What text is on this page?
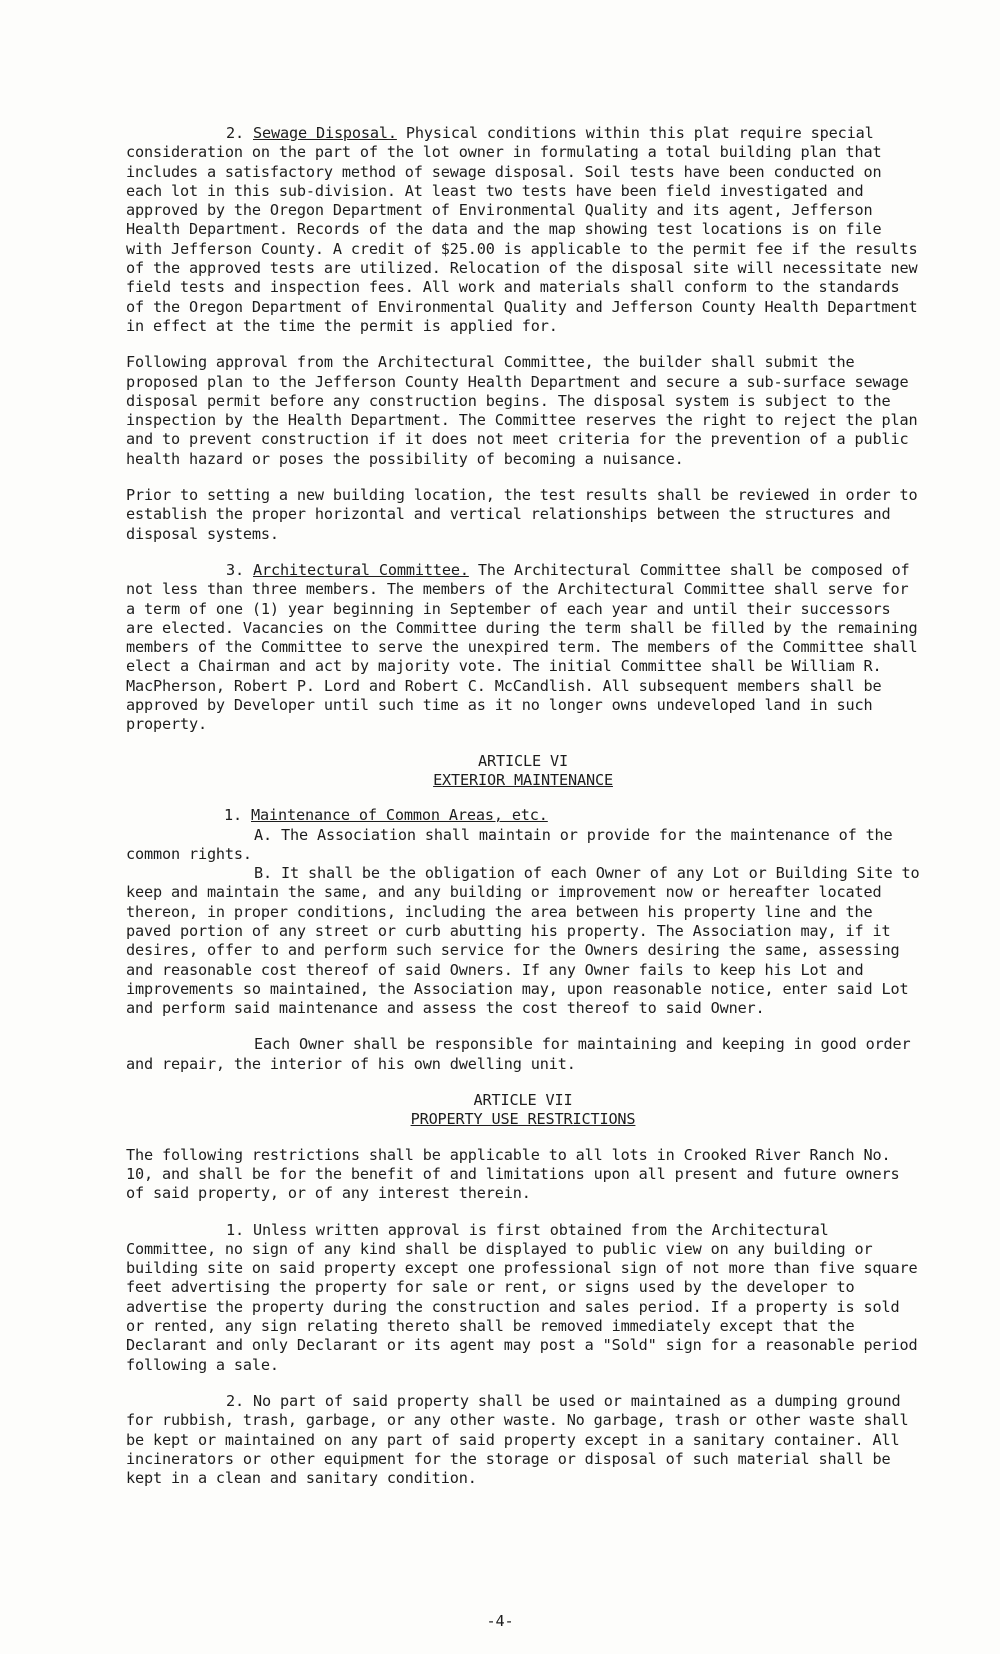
2. Sewage Disposal. Physical conditions within this plat require special consideration on the part of the lot owner in formulating a total building plan that includes a satisfactory method of sewage disposal. Soil tests have been conducted on each lot in this sub-division. At least two tests have been field investigated and approved by the Oregon Department of Environmental Quality and its agent, Jefferson Health Department. Records of the data and the map showing test locations is on file with Jefferson County. A credit of $25.00 is applicable to the permit fee if the results of the approved tests are utilized. Relocation of the disposal site will necessitate new field tests and inspection fees. All work and materials shall conform to the standards of the Oregon Department of Environmental Quality and Jefferson County Health Department in effect at the time the permit is applied for.

Following approval from the Architectural Committee, the builder shall submit the proposed plan to the Jefferson County Health Department and secure a sub-surface sewage disposal permit before any construction begins. The disposal system is subject to the inspection by the Health Department. The Committee reserves the right to reject the plan and to prevent construction if it does not meet criteria for the prevention of a public health hazard or poses the possibility of becoming a nuisance.

Prior to setting a new building location, the test results shall be reviewed in order to establish the proper horizontal and vertical relationships between the structures and disposal systems.

3. Architectural Committee. The Architectural Committee shall be composed of not less than three members. The members of the Architectural Committee shall serve for a term of one (1) year beginning in September of each year and until their successors are elected. Vacancies on the Committee during the term shall be filled by the remaining members of the Committee to serve the unexpired term. The members of the Committee shall elect a Chairman and act by majority vote. The initial Committee shall be William R. MacPherson, Robert P. Lord and Robert C. McCandlish. All subsequent members shall be approved by Developer until such time as it no longer owns undeveloped land in such property.

ARTICLE VI
EXTERIOR MAINTENANCE
1. Maintenance of Common Areas, etc.

A. The Association shall maintain or provide for the maintenance of the common rights.

B. It shall be the obligation of each Owner of any Lot or Building Site to keep and maintain the same, and any building or improvement now or hereafter located thereon, in proper conditions, including the area between his property line and the paved portion of any street or curb abutting his property. The Association may, if it desires, offer to and perform such service for the Owners desiring the same, assessing and reasonable cost thereof of said Owners. If any Owner fails to keep his Lot and improvements so maintained, the Association may, upon reasonable notice, enter said Lot and perform said maintenance and assess the cost thereof to said Owner.

Each Owner shall be responsible for maintaining and keeping in good order and repair, the interior of his own dwelling unit.

ARTICLE VII
PROPERTY USE RESTRICTIONS

The following restrictions shall be applicable to all lots in Crooked River Ranch No. 10, and shall be for the benefit of and limitations upon all present and future owners of said property, or of any interest therein.

1. Unless written approval is first obtained from the Architectural Committee, no sign of any kind shall be displayed to public view on any building or building site on said property except one professional sign of not more than five square feet advertising the property for sale or rent, or signs used by the developer to advertise the property during the construction and sales period. If a property is sold or rented, any sign relating thereto shall be removed immediately except that the Declarant and only Declarant or its agent may post a "Sold" sign for a reasonable period following a sale.

2. No part of said property shall be used or maintained as a dumping ground for rubbish, trash, garbage, or any other waste. No garbage, trash or other waste shall be kept or maintained on any part of said property except in a sanitary container. All incinerators or other equipment for the storage or disposal of such material shall be kept in a clean and sanitary condition.

-4-
